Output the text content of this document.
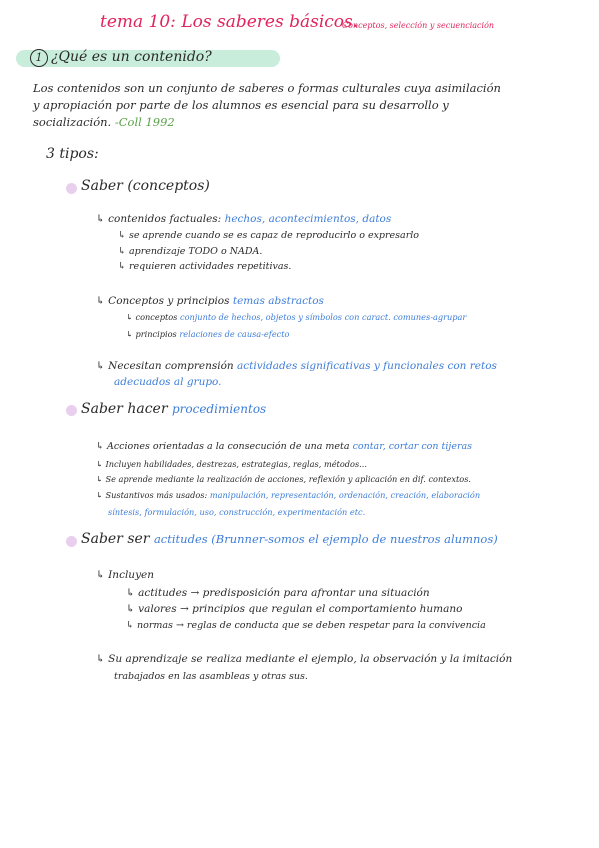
tema 10: Los saberes básicos.
Conceptos, selección y secuenciación
1 ¿Qué es un contenido?
Los contenidos son un conjunto de saberes o formas culturales cuya asimilación
y apropiación por parte de los alumnos es esencial para su desarrollo y
socialización. -Coll 1992
3 tipos:
Saber (conceptos)
↳ contenidos factuales: hechos, acontecimientos, datos
↳ se aprende cuando se es capaz de reproducirlo o expresarlo
↳ aprendizaje TODO o NADA.
↳ requieren actividades repetitivas.
↳ Conceptos y principios temas abstractos
↳ conceptos conjunto de hechos, objetos y símbolos con caract. comunes-agrupar
↳ principios relaciones de causa-efecto
↳ Necesitan comprensión actividades significativas y funcionales con retos
adecuados al grupo.
Saber hacer procedimientos
↳ Acciones orientadas a la consecución de una meta contar, cortar con tijeras
↳ Incluyen habilidades, destrezas, estrategias, reglas, métodos...
↳ Se aprende mediante la realización de acciones, reflexión y aplicación en dif. contextos.
↳ Sustantivos más usados: manipulación, representación, ordenación, creación, elaboración
síntesis, formulación, uso, construcción, experimentación etc.
Saber ser actitudes (Brunner-somos el ejemplo de nuestros alumnos)
↳ Incluyen
↳ actitudes → predisposición para afrontar una situación
↳ valores → principios que regulan el comportamiento humano
↳ normas → reglas de conducta que se deben respetar para la convivencia
↳ Su aprendizaje se realiza mediante el ejemplo, la observación y la imitación
trabajados en las asambleas y otras sus.
